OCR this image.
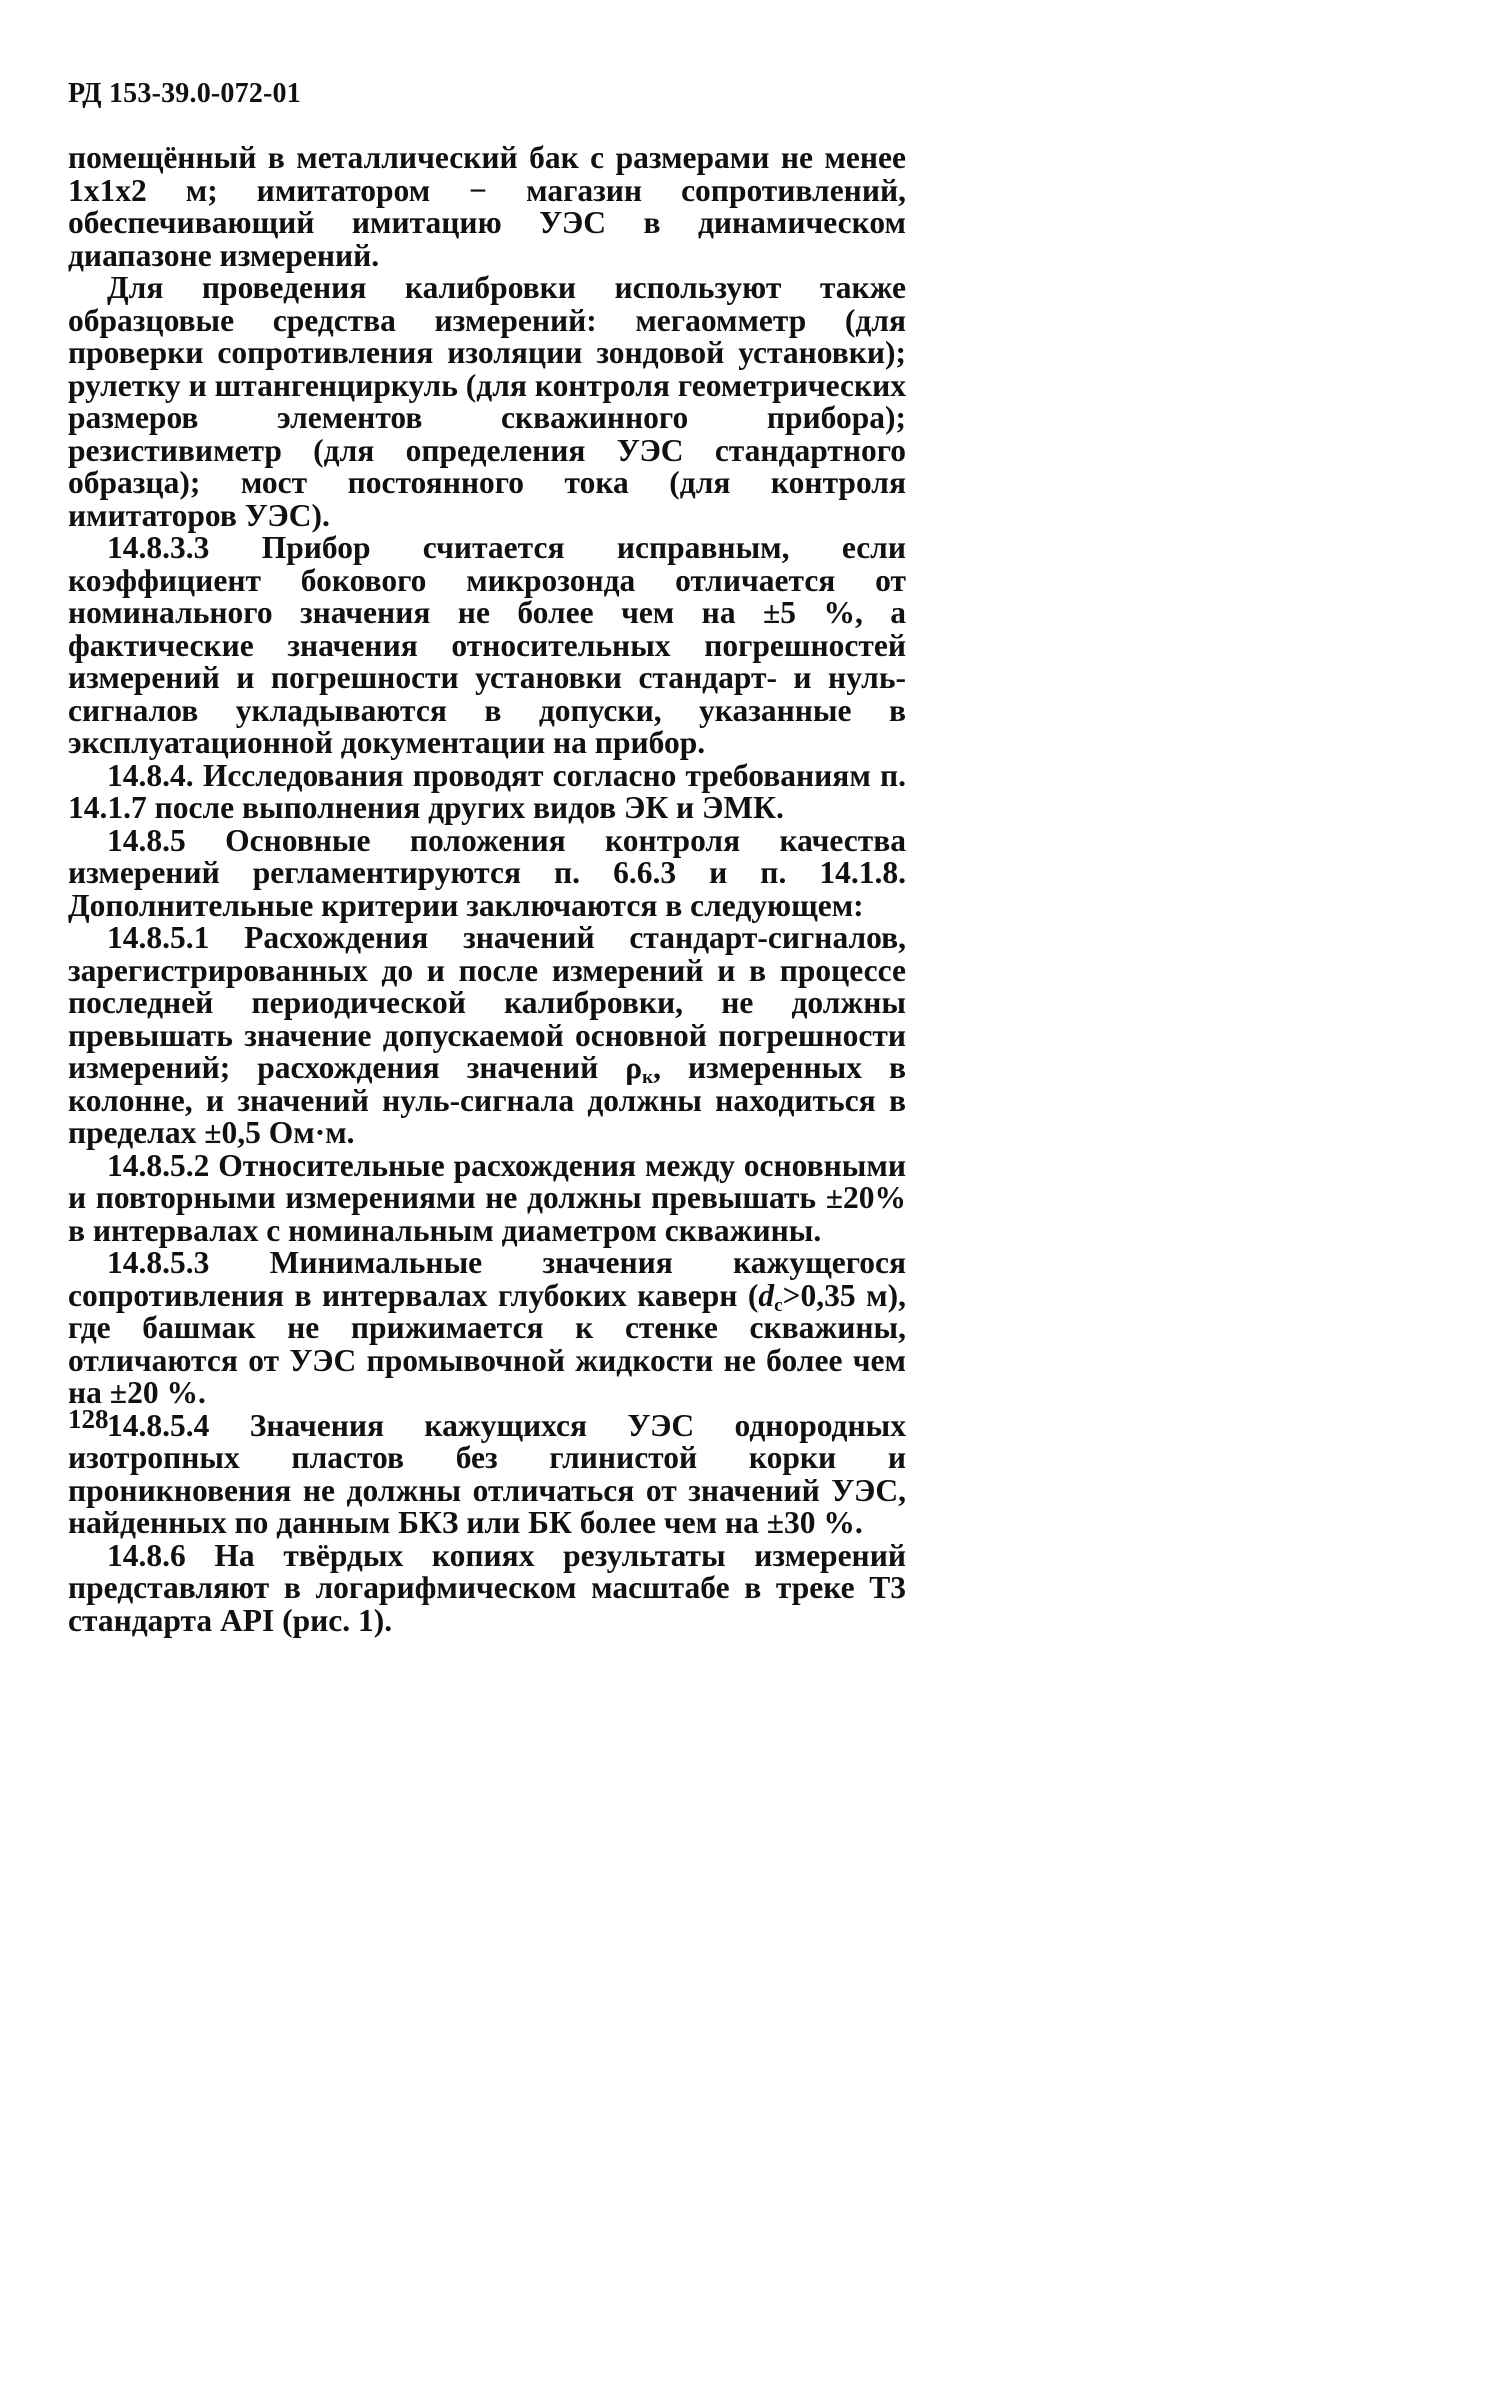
РД 153-39.0-072-01

помещённый в металлический бак с размерами не менее 1х1х2 м; имитатором − магазин сопротивлений, обеспечивающий имитацию УЭС в динамическом диапазоне измерений.

Для проведения калибровки используют также образцовые средства измерений: мегаомметр (для проверки сопротивления изоляции зондовой установки); рулетку и штангенциркуль (для контроля геометрических размеров элементов скважинного прибора); резистивиметр (для определения УЭС стандартного образца); мост постоянного тока (для контроля имитаторов УЭС).

14.8.3.3 Прибор считается исправным, если коэффициент бокового микрозонда отличается от номинального значения не более чем на ±5 %, а фактические значения относительных погрешностей измерений и погрешности установки стандарт- и нуль-сигналов укладываются в допуски, указанные в эксплуатационной документации на прибор.

14.8.4. Исследования проводят согласно требованиям п. 14.1.7 после выполнения других видов ЭК и ЭМК.

14.8.5 Основные положения контроля качества измерений регламентируются п. 6.6.3 и п. 14.1.8. Дополнительные критерии заключаются в следующем:

14.8.5.1 Расхождения значений стандарт-сигналов, зарегистрированных до и после измерений и в процессе последней периодической калибровки, не должны превышать значение допускаемой основной погрешности измерений; расхождения значений $\rho_к$, измеренных в колонне, и значений нуль-сигнала должны находиться в пределах ±0,5 Ом·м.

14.8.5.2 Относительные расхождения между основными и повторными измерениями не должны превышать ±20% в интервалах с номинальным диаметром скважины.

14.8.5.3 Минимальные значения кажущегося сопротивления в интервалах глубоких каверн ($d_с>0,35$ м), где башмак не прижимается к стенке скважины, отличаются от УЭС промывочной жидкости не более чем на ±20 %.

14.8.5.4 Значения кажущихся УЭС однородных изотропных пластов без глинистой корки и проникновения не должны отличаться от значений УЭС, найденных по данным БКЗ или БК более чем на ±30 %.

14.8.6 На твёрдых копиях результаты измерений представляют в логарифмическом масштабе в треке Т3 стандарта API (рис. 1).

128
